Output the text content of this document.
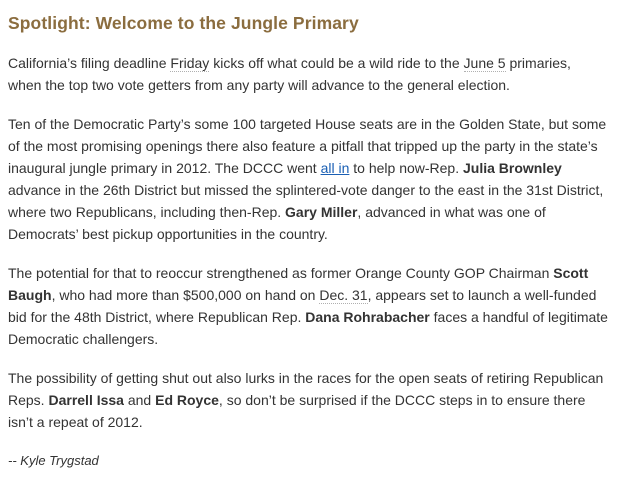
Spotlight: Welcome to the Jungle Primary

California’s filing deadline Friday kicks off what could be a wild ride to the June 5 primaries, when the top two vote getters from any party will advance to the general election.

Ten of the Democratic Party’s some 100 targeted House seats are in the Golden State, but some of the most promising openings there also feature a pitfall that tripped up the party in the state’s inaugural jungle primary in 2012. The DCCC went all in to help now-Rep. Julia Brownley advance in the 26th District but missed the splintered-vote danger to the east in the 31st District, where two Republicans, including then-Rep. Gary Miller, advanced in what was one of Democrats’ best pickup opportunities in the country.

The potential for that to reoccur strengthened as former Orange County GOP Chairman Scott Baugh, who had more than $500,000 on hand on Dec. 31, appears set to launch a well-funded bid for the 48th District, where Republican Rep. Dana Rohrabacher faces a handful of legitimate Democratic challengers.

The possibility of getting shut out also lurks in the races for the open seats of retiring Republican Reps. Darrell Issa and Ed Royce, so don’t be surprised if the DCCC steps in to ensure there isn’t a repeat of 2012.

-- Kyle Trygstad
